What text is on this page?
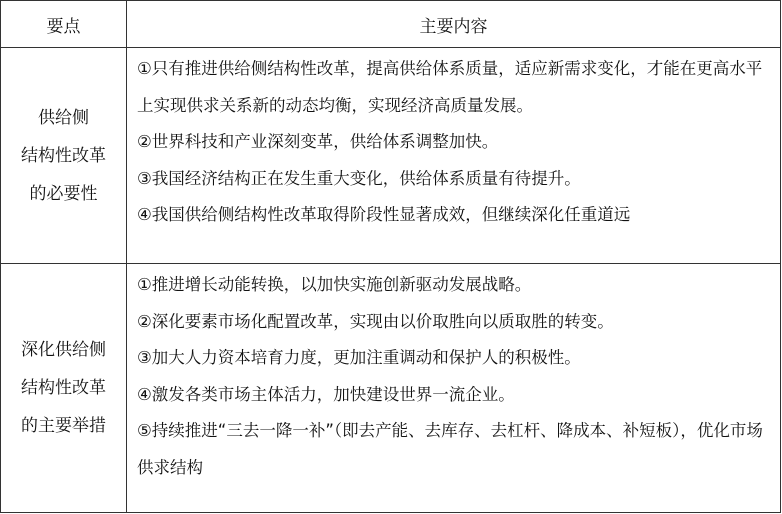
要点	主要内容

供给侧
结构性改革
的必要性	①只有推进供给侧结构性改革，提高供给体系质量，适应新需求变化，才能在更高水平上实现供求关系新的动态均衡，实现经济高质量发展。
②世界科技和产业深刻变革，供给体系调整加快。
③我国经济结构正在发生重大变化，供给体系质量有待提升。
④我国供给侧结构性改革取得阶段性显著成效，但继续深化任重道远

深化供给侧
结构性改革
的主要举措	①推进增长动能转换，以加快实施创新驱动发展战略。
②深化要素市场化配置改革，实现由以价取胜向以质取胜的转变。
③加大人力资本培育力度，更加注重调动和保护人的积极性。
④激发各类市场主体活力，加快建设世界一流企业。
⑤持续推进“三去一降一补”（即去产能、去库存、去杠杆、降成本、补短板），优化市场供求结构
